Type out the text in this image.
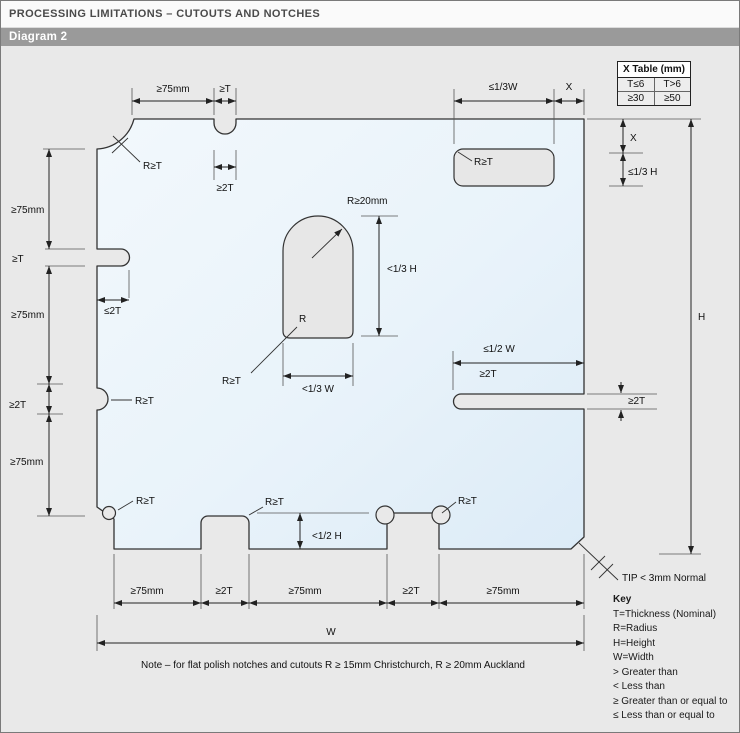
PROCESSING LIMITATIONS – CUTOUTS AND NOTCHES
Diagram 2
≥75mm	≥T
≥2T
R≥T
≤1/3W	X
R≥T
X
≤1/3 H
H
≥75mm
≥T
≥75mm
≥2T
≥75mm
≤2T
R≥T
R≥T
R≥20mm
<1/3 H
R
R≥T
<1/3 W
≤1/2 W
≥2T
≥2T
<1/2 H
R≥T	R≥T
≥75mm	≥2T	≥75mm	≥2T	≥75mm
W
TIP < 3mm Normal
Note – for flat polish notches and cutouts R ≥ 15mm Christchurch, R ≥ 20mm Auckland
X Table (mm)
T≤6	T>6
≥30	≥50
Key
T=Thickness (Nominal)
R=Radius
H=Height
W=Width
> Greater than
< Less than
≥ Greater than or equal to
≤ Less than or equal to
